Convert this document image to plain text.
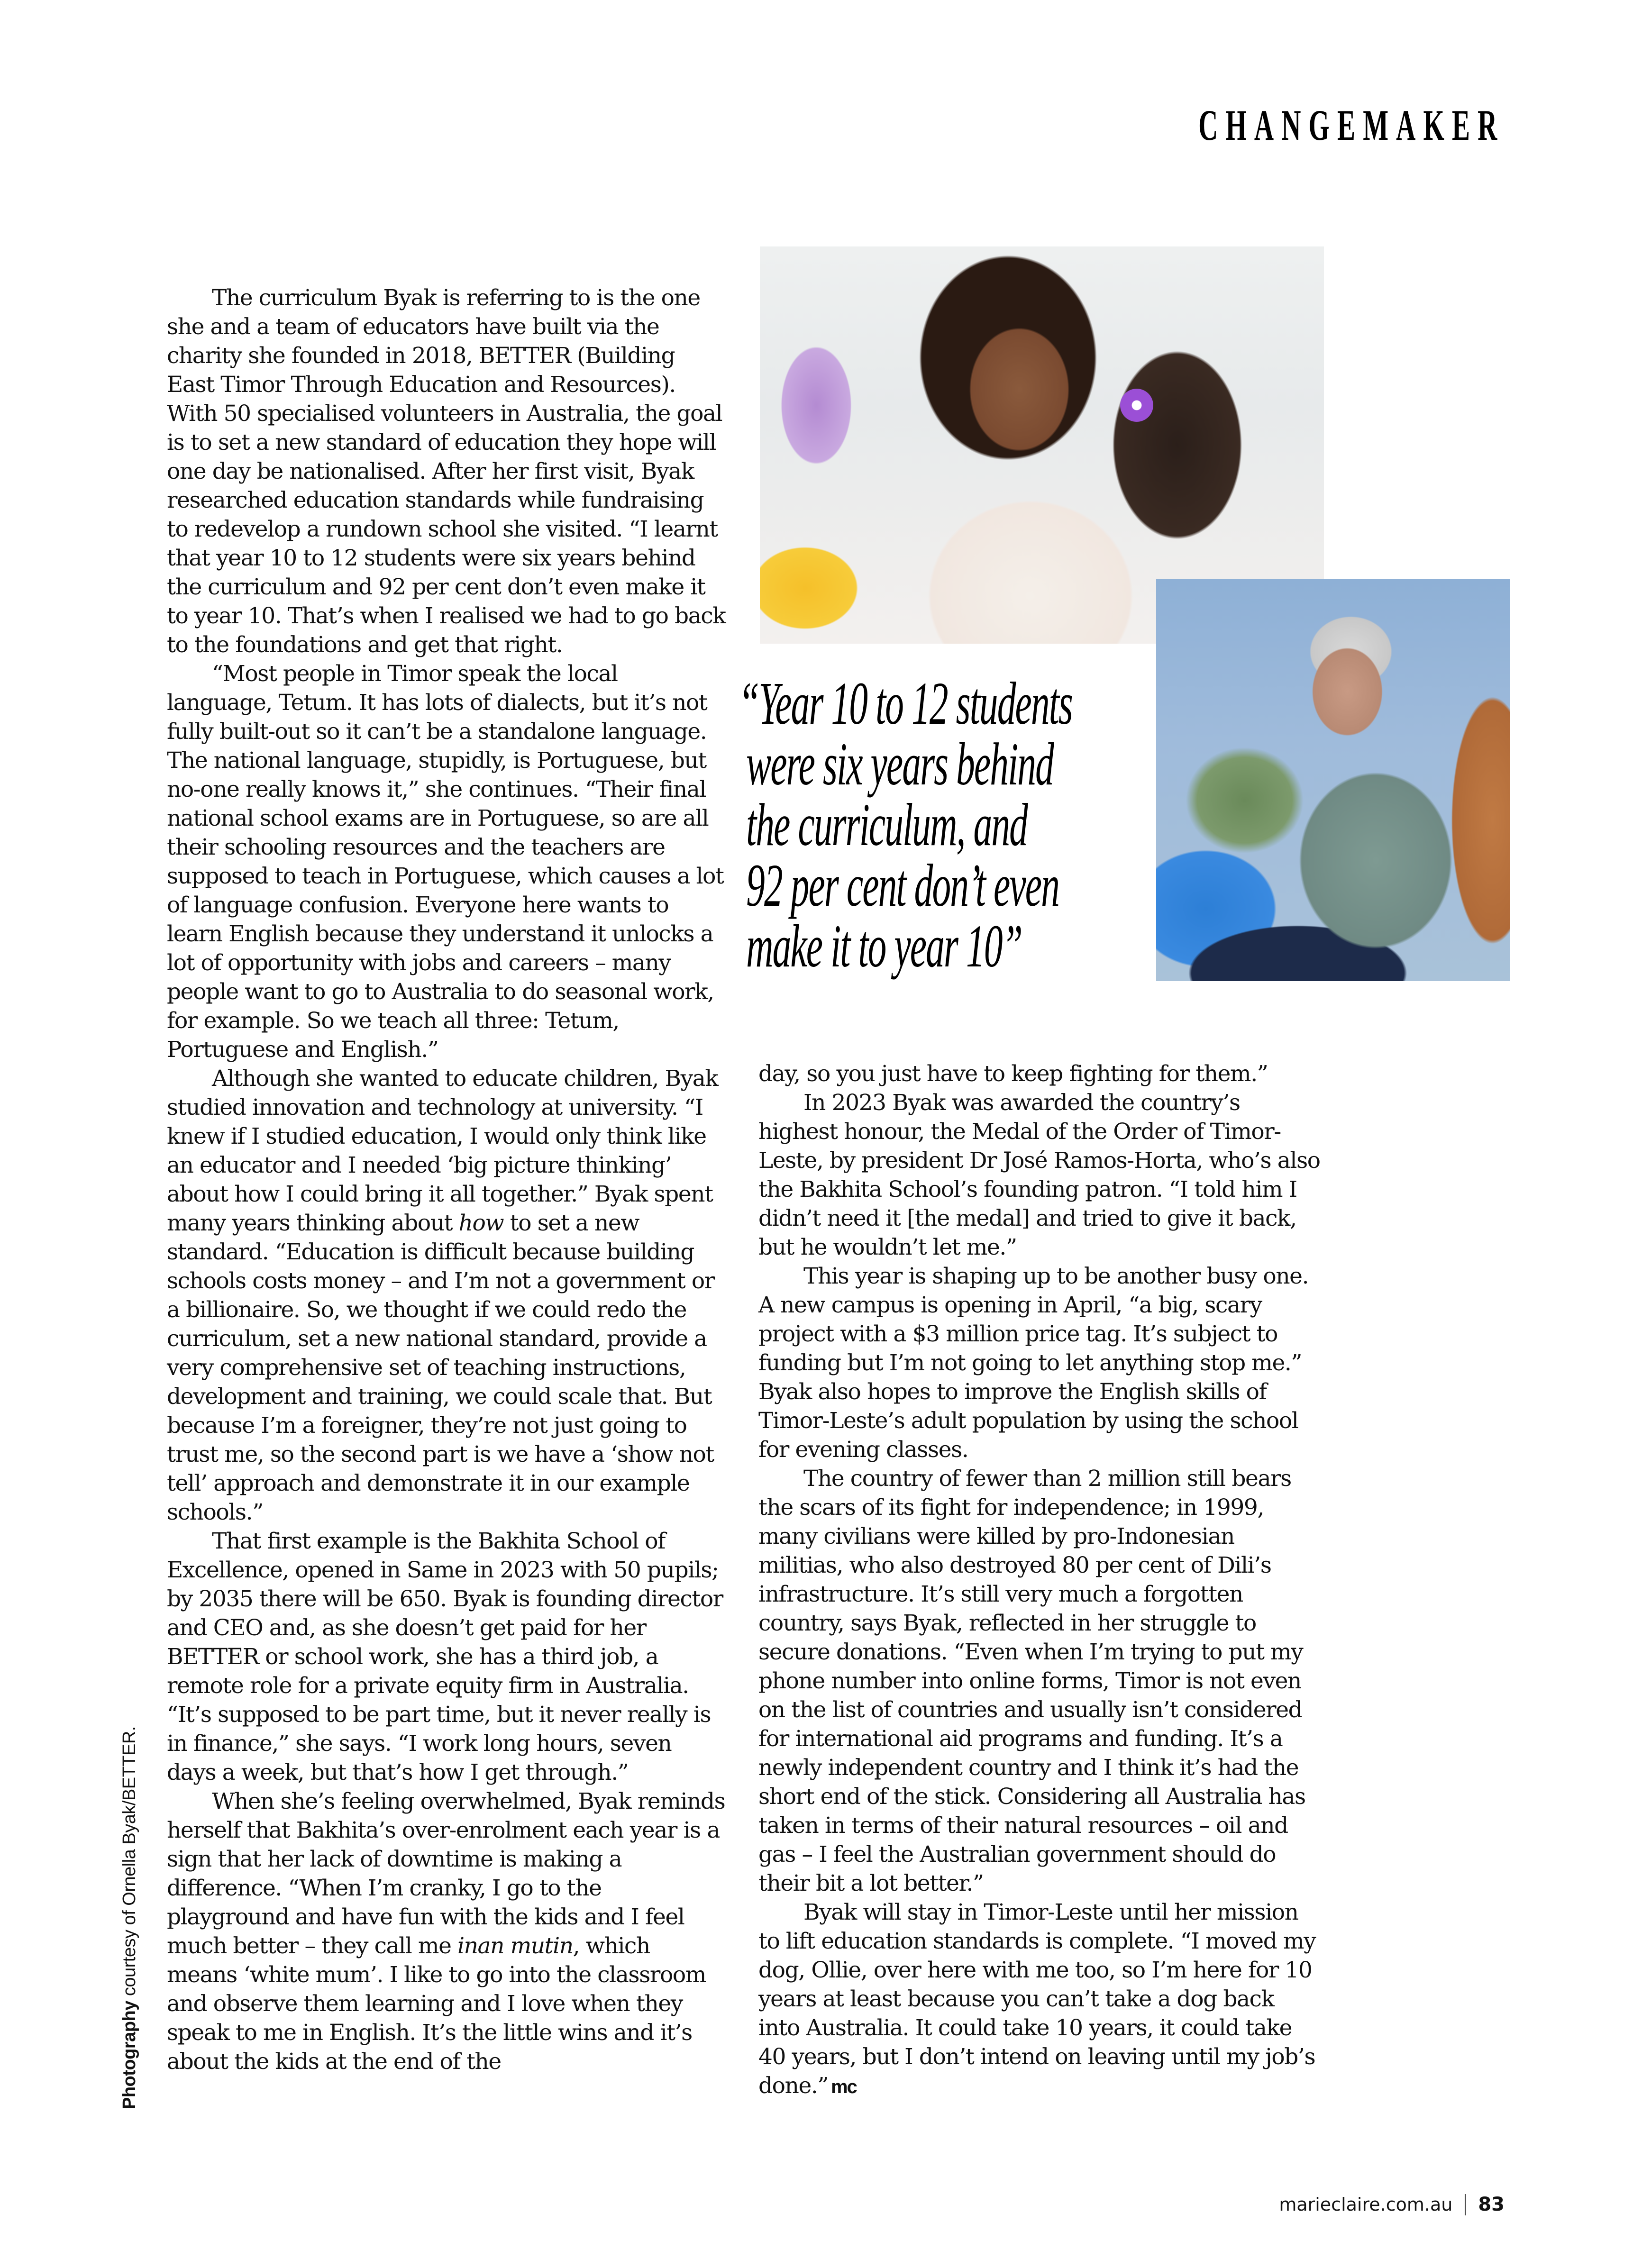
CHANGEMAKER

The curriculum Byak is referring to is the one she and a team of educators have built via the charity she founded in 2018, BETTER (Building East Timor Through Education and Resources). With 50 specialised volunteers in Australia, the goal is to set a new standard of education they hope will one day be nationalised. After her first visit, Byak researched education standards while fundraising to redevelop a rundown school she visited. “I learnt that year 10 to 12 students were six years behind the curriculum and 92 per cent don’t even make it to year 10. That’s when I realised we had to go back to the foundations and get that right.

“Most people in Timor speak the local language, Tetum. It has lots of dialects, but it’s not fully built-out so it can’t be a standalone language. The national language, stupidly, is Portuguese, but no-one really knows it,” she continues. “Their final national school exams are in Portuguese, so are all their schooling resources and the teachers are supposed to teach in Portuguese, which causes a lot of language confusion. Everyone here wants to learn English because they understand it unlocks a lot of opportunity with jobs and careers – many people want to go to Australia to do seasonal work, for example. So we teach all three: Tetum, Portuguese and English.”

Although she wanted to educate children, Byak studied innovation and technology at university. “I knew if I studied education, I would only think like an educator and I needed ‘big picture thinking’ about how I could bring it all together.” Byak spent many years thinking about how to set a new standard. “Education is difficult because building schools costs money – and I’m not a government or a billionaire. So, we thought if we could redo the curriculum, set a new national standard, provide a very comprehensive set of teaching instructions, development and training, we could scale that. But because I’m a foreigner, they’re not just going to trust me, so the second part is we have a ‘show not tell’ approach and demonstrate it in our example schools.”

That first example is the Bakhita School of Excellence, opened in Same in 2023 with 50 pupils; by 2035 there will be 650. Byak is founding director and CEO and, as she doesn’t get paid for her BETTER or school work, she has a third job, a remote role for a private equity firm in Australia. “It’s supposed to be part time, but it never really is in finance,” she says. “I work long hours, seven days a week, but that’s how I get through.”

When she’s feeling overwhelmed, Byak reminds herself that Bakhita’s over-enrolment each year is a sign that her lack of downtime is making a difference. “When I’m cranky, I go to the playground and have fun with the kids and I feel much better – they call me inan mutin, which means ‘white mum’. I like to go into the classroom and observe them learning and I love when they speak to me in English. It’s the little wins and it’s about the kids at the end of the

“Year 10 to 12 students
were six years behind
the curriculum, and
92 per cent don’t even
make it to year 10”

day, so you just have to keep fighting for them.”

In 2023 Byak was awarded the country’s highest honour, the Medal of the Order of Timor-Leste, by president Dr José Ramos-Horta, who’s also the Bakhita School’s founding patron. “I told him I didn’t need it [the medal] and tried to give it back, but he wouldn’t let me.”

This year is shaping up to be another busy one. A new campus is opening in April, “a big, scary project with a $3 million price tag. It’s subject to funding but I’m not going to let anything stop me.” Byak also hopes to improve the English skills of Timor-Leste’s adult population by using the school for evening classes.

The country of fewer than 2 million still bears the scars of its fight for independence; in 1999, many civilians were killed by pro-Indonesian militias, who also destroyed 80 per cent of Dili’s infrastructure. It’s still very much a forgotten country, says Byak, reflected in her struggle to secure donations. “Even when I’m trying to put my phone number into online forms, Timor is not even on the list of countries and usually isn’t considered for international aid programs and funding. It’s a newly independent country and I think it’s had the short end of the stick. Considering all Australia has taken in terms of their natural resources – oil and gas – I feel the Australian government should do their bit a lot better.”

Byak will stay in Timor-Leste until her mission to lift education standards is complete. “I moved my dog, Ollie, over here with me too, so I’m here for 10 years at least because you can’t take a dog back into Australia. It could take 10 years, it could take 40 years, but I don’t intend on leaving until my job’s done.” mc

Photography courtesy of Ornella Byak/BETTER.
marieclaire.com.au 83
